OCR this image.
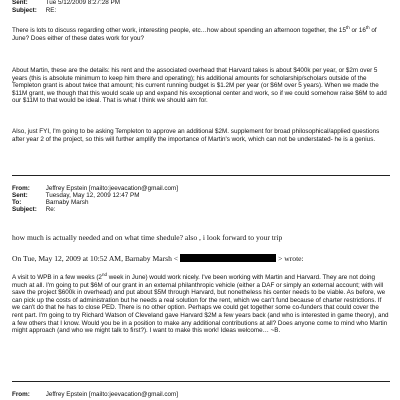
Sent:	Tue 5/12/2009 8:27:28 PM
Subject: RE:
There is lots to discuss regarding other work, interesting people, etc…how about spending an afternoon together, the 15th or 16th of June? Does either of these dates work for you?
About Martin, these are the details: his rent and the associated overhead that Harvard takes is about $400k per year, or $2m over 5 years (this is absolute minimum to keep him there and operating); his additional amounts for scholarship/scholars outside of the Templeton grant is about twice that amount; his current running budget is $1.2M per year (or $6M over 5 years). When we made the $11M grant, we though that this would scale up and expand his exceptional center and work, so if we could somehow raise $6M to add our $11M to that would be ideal. That is what I think we should aim for.
Also, just FYI, I'm going to be asking Templeton to approve an additional $2M. supplement for broad philosophical/applied questions after year 2 of the project, so this will further amplify the importance of Martin's work, which can not be understated- he is a genius.
From:	Jeffrey Epstein [mailto:jeevacation@gmail.com]
Sent:	Tuesday, May 12, 2009 12:47 PM
To:	Barnaby Marsh
Subject: Re:
how much is actually needed and on what time shedule? also , i look forward to your trip
On Tue, May 12, 2009 at 10:52 AM, Barnaby Marsh <	> wrote:
A visit to WPB in a few weeks (2nd week in June) would work nicely. I've been working with Martin and Harvard. They are not doing much at all. I'm going to put $6M of our grant in an external philanthropic vehicle (either a DAF or simply an external account; with will save the project $600k in overhead) and put about $5M through Harvard, but nonetheless his center needs to be viable. As before, we can pick up the costs of administration but he needs a real solution for the rent, which we can't fund because of charter restrictions. If we can't do that he has to close PED. There is no other option. Perhaps we could get together some co-funders that could cover the rent part. I'm going to try Richard Watson of Cleveland gave Harvard $2M a few years back (and who is interested in game theory), and a few others that I know. Would you be in a position to make any additional contributions at all? Does anyone come to mind who Martin might approach (and who we might talk to first?). I want to make this work! Ideas welcome… ~B.
From:	Jeffrey Epstein [mailto:jeevacation@gmail.com]
